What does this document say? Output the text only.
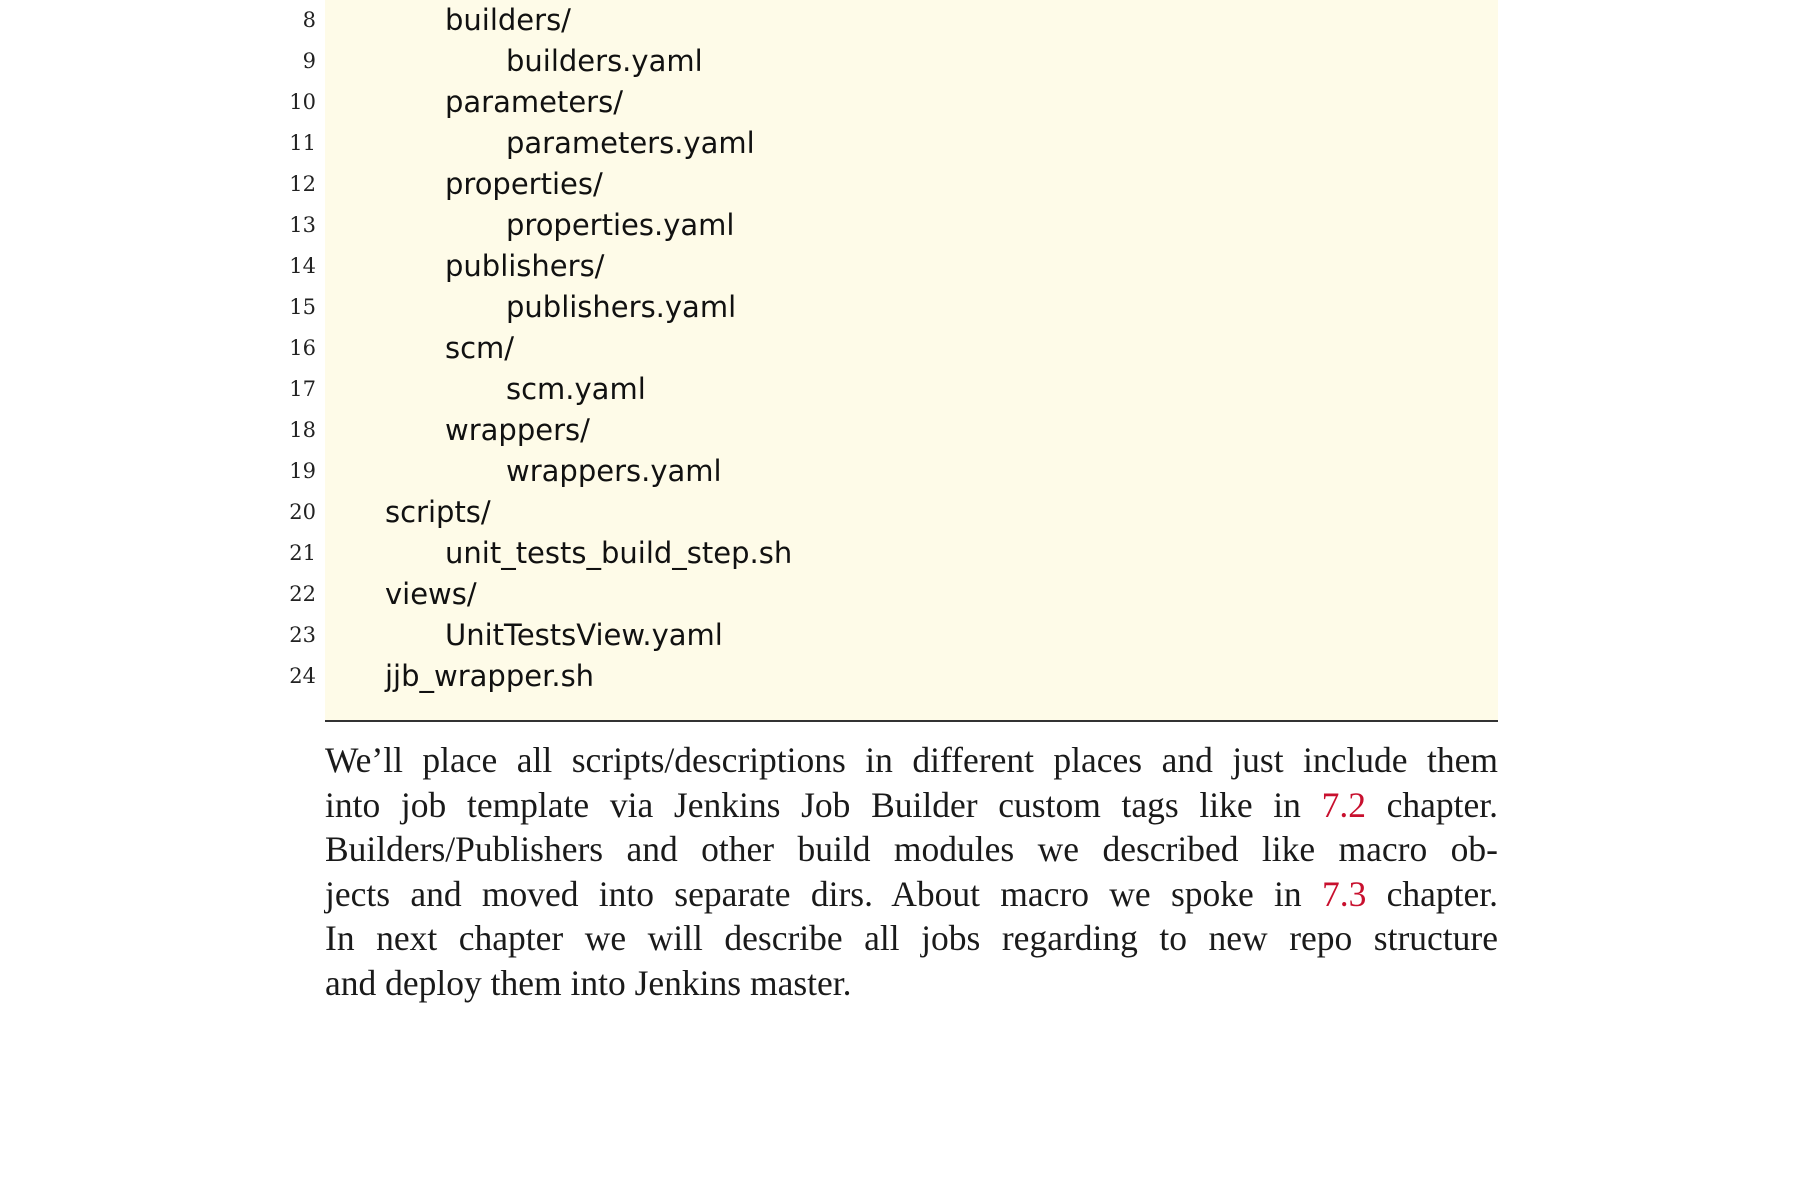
8	builders/
9	builders.yaml
10	parameters/
11	parameters.yaml
12	properties/
13	properties.yaml
14	publishers/
15	publishers.yaml
16	scm/
17	scm.yaml
18	wrappers/
19	wrappers.yaml
20 scripts/
21	unit_tests_build_step.sh
22 views/
23	UnitTestsView.yaml
24 jjb_wrapper.sh
We’ll place all scripts/descriptions in different places and just include them
into job template via Jenkins Job Builder custom tags like in 7.2 chapter.
Builders/Publishers and other build modules we described like macro ob-
jects and moved into separate dirs. About macro we spoke in 7.3 chapter.
In next chapter we will describe all jobs regarding to new repo structure
and deploy them into Jenkins master.
